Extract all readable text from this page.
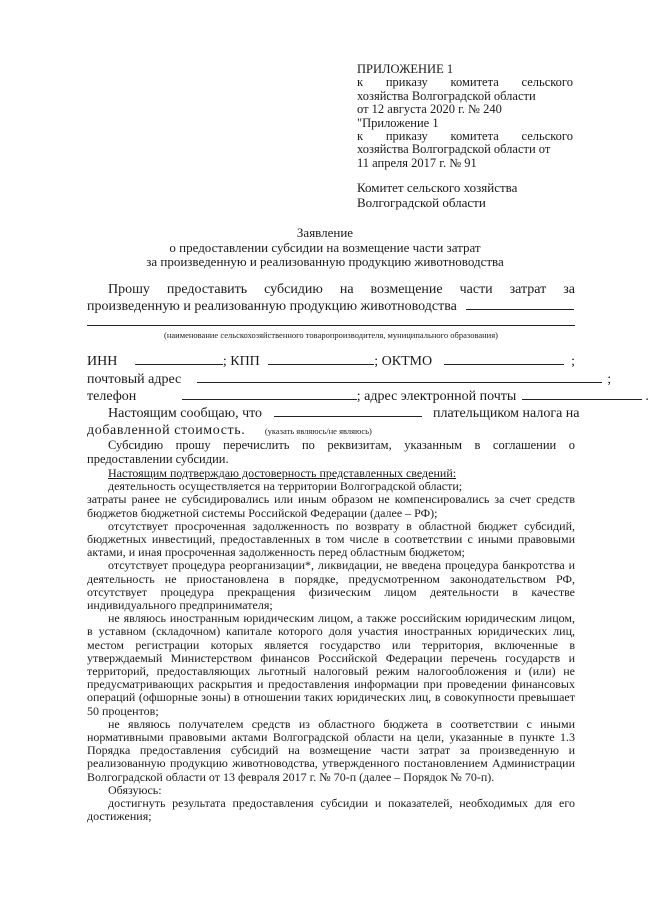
ПРИЛОЖЕНИЕ 1
к приказу комитета сельского
хозяйства Волгоградской области
от 12 августа 2020 г. № 240
"Приложение 1
к приказу комитета сельского
хозяйства Волгоградской области от
11 апреля 2017 г. № 91
Комитет сельского хозяйства
Волгоградской области
Заявление
о предоставлении субсидии на возмещение части затрат
за произведенную и реализованную продукцию животноводства
Прошу предоставить субсидию на возмещение части затрат за
произведенную и реализованную продукцию животноводства
(наименование сельскохозяйственного товаропроизводителя, муниципального образования)
ИНН	; КПП	; ОКТМО	;
почтовый адрес	;
телефон	; адрес электронной почты	.
Настоящим сообщаю, что	плательщиком налога на
добавленной стоимость. (указать являюсь/не являюсь)
Субсидию прошу перечислить по реквизитам, указанным в соглашении о предоставлении субсидии.
Настоящим подтверждаю достоверность представленных сведений:
деятельность осуществляется на территории Волгоградской области;
затраты ранее не субсидировались или иным образом не компенсировались за счет средств бюджетов бюджетной системы Российской Федерации (далее – РФ);
отсутствует просроченная задолженность по возврату в областной бюджет субсидий, бюджетных инвестиций, предоставленных в том числе в соответствии с иными правовыми актами, и иная просроченная задолженность перед областным бюджетом;
отсутствует процедура реорганизации*, ликвидации, не введена процедура банкротства и деятельность не приостановлена в порядке, предусмотренном законодательством РФ, отсутствует процедура прекращения физическим лицом деятельности в качестве индивидуального предпринимателя;
не являюсь иностранным юридическим лицом, а также российским юридическим лицом, в уставном (складочном) капитале которого доля участия иностранных юридических лиц, местом регистрации которых является государство или территория, включенные в утверждаемый Министерством финансов Российской Федерации перечень государств и территорий, предоставляющих льготный налоговый режим налогообложения и (или) не предусматривающих раскрытия и предоставления информации при проведении финансовых операций (офшорные зоны) в отношении таких юридических лиц, в совокупности превышает 50 процентов;
не являюсь получателем средств из областного бюджета в соответствии с иными нормативными правовыми актами Волгоградской области на цели, указанные в пункте 1.3 Порядка предоставления субсидий на возмещение части затрат за произведенную и реализованную продукцию животноводства, утвержденного постановлением Администрации Волгоградской области от 13 февраля 2017 г. № 70-п (далее – Порядок № 70-п).
Обязуюсь:
достигнуть результата предоставления субсидии и показателей, необходимых для его достижения;
